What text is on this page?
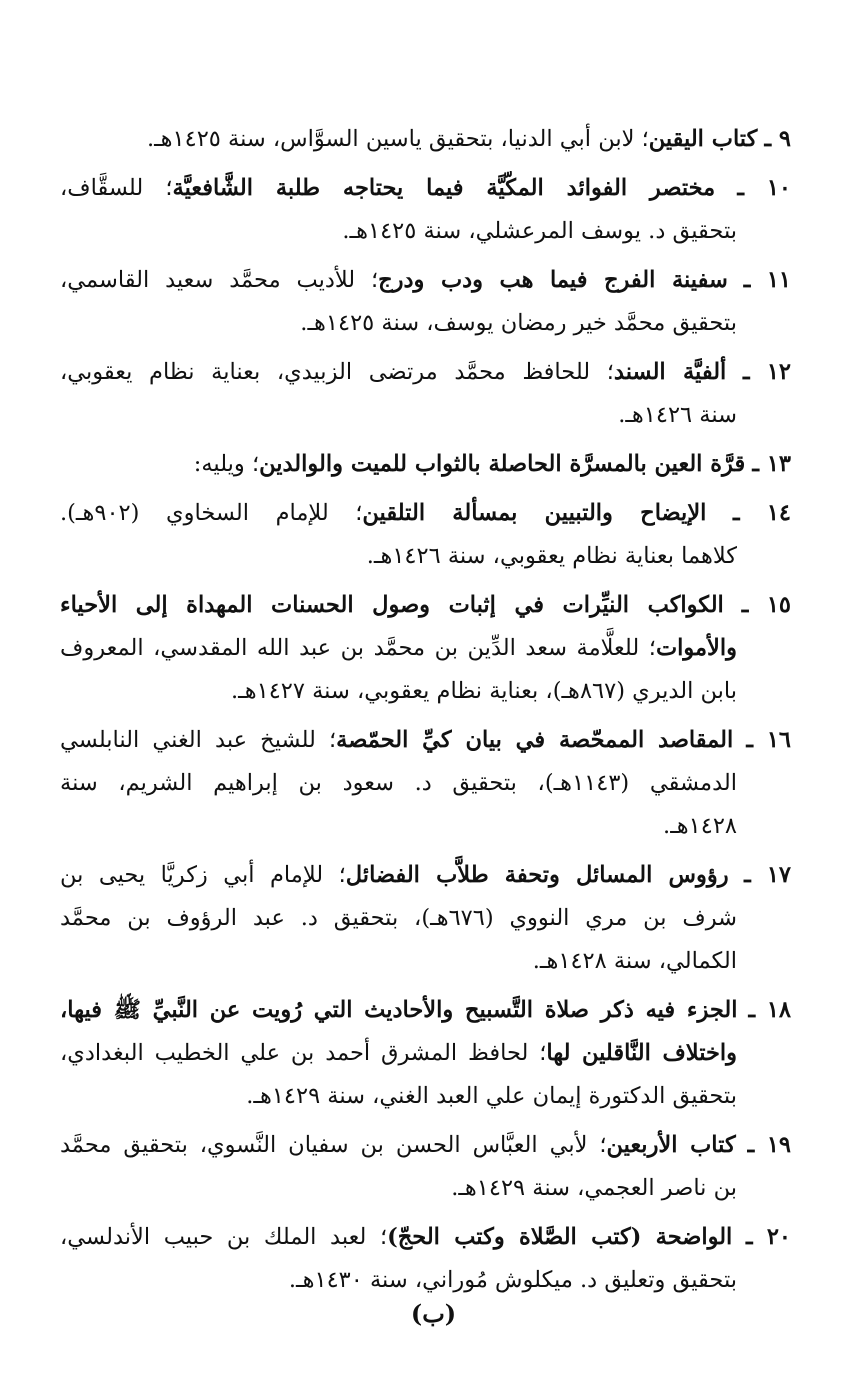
٩ ـ كتاب اليقين؛ لابن أبي الدنيا، بتحقيق ياسين السوَّاس، سنة ١٤٢٥هـ.
١٠ ـ مختصر الفوائد المكّيَّة فيما يحتاجه طلبة الشَّافعيَّة؛ للسقَّاف،
بتحقيق د. يوسف المرعشلي، سنة ١٤٢٥هـ.
١١ ـ سفينة الفرج فيما هب ودب ودرج؛ للأديب محمَّد سعيد القاسمي،
بتحقيق محمَّد خير رمضان يوسف، سنة ١٤٢٥هـ.
١٢ ـ ألفيَّة السند؛ للحافظ محمَّد مرتضى الزبيدي، بعناية نظام يعقوبي،
سنة ١٤٢٦هـ.
١٣ ـ قرَّة العين بالمسرَّة الحاصلة بالثواب للميت والوالدين؛ ويليه:
١٤ ـ الإيضاح والتبيين بمسألة التلقين؛ للإمام السخاوي (٩٠٢هـ).
كلاهما بعناية نظام يعقوبي، سنة ١٤٢٦هـ.
١٥ ـ الكواكب النيِّرات في إثبات وصول الحسنات المهداة إلى الأحياء
والأموات؛ للعلَّامة سعد الدِّين بن محمَّد بن عبد الله المقدسي، المعروف
بابن الديري (٨٦٧هـ)، بعناية نظام يعقوبي، سنة ١٤٢٧هـ.
١٦ ـ المقاصد الممحّصة في بيان كيِّ الحمّصة؛ للشيخ عبد الغني النابلسي
الدمشقي (١١٤٣هـ)، بتحقيق د. سعود بن إبراهيم الشريم، سنة
١٤٢٨هـ.
١٧ ـ رؤوس المسائل وتحفة طلاَّب الفضائل؛ للإمام أبي زكريَّا يحيى بن
شرف بن مري النووي (٦٧٦هـ)، بتحقيق د. عبد الرؤوف بن محمَّد
الكمالي، سنة ١٤٢٨هـ.
١٨ ـ الجزء فيه ذكر صلاة التَّسبيح والأحاديث التي رُويت عن النَّبيِّ ﷺ فيها،
واختلاف النَّاقلين لها؛ لحافظ المشرق أحمد بن علي الخطيب البغدادي،
بتحقيق الدكتورة إيمان علي العبد الغني، سنة ١٤٢٩هـ.
١٩ ـ كتاب الأربعين؛ لأبي العبَّاس الحسن بن سفيان النَّسوي، بتحقيق محمَّد
بن ناصر العجمي، سنة ١٤٢٩هـ.
٢٠ ـ الواضحة (كتب الصَّلاة وكتب الحجّ)؛ لعبد الملك بن حبيب الأندلسي،
بتحقيق وتعليق د. ميكلوش مُوراني، سنة ١٤٣٠هـ.
(ب)
